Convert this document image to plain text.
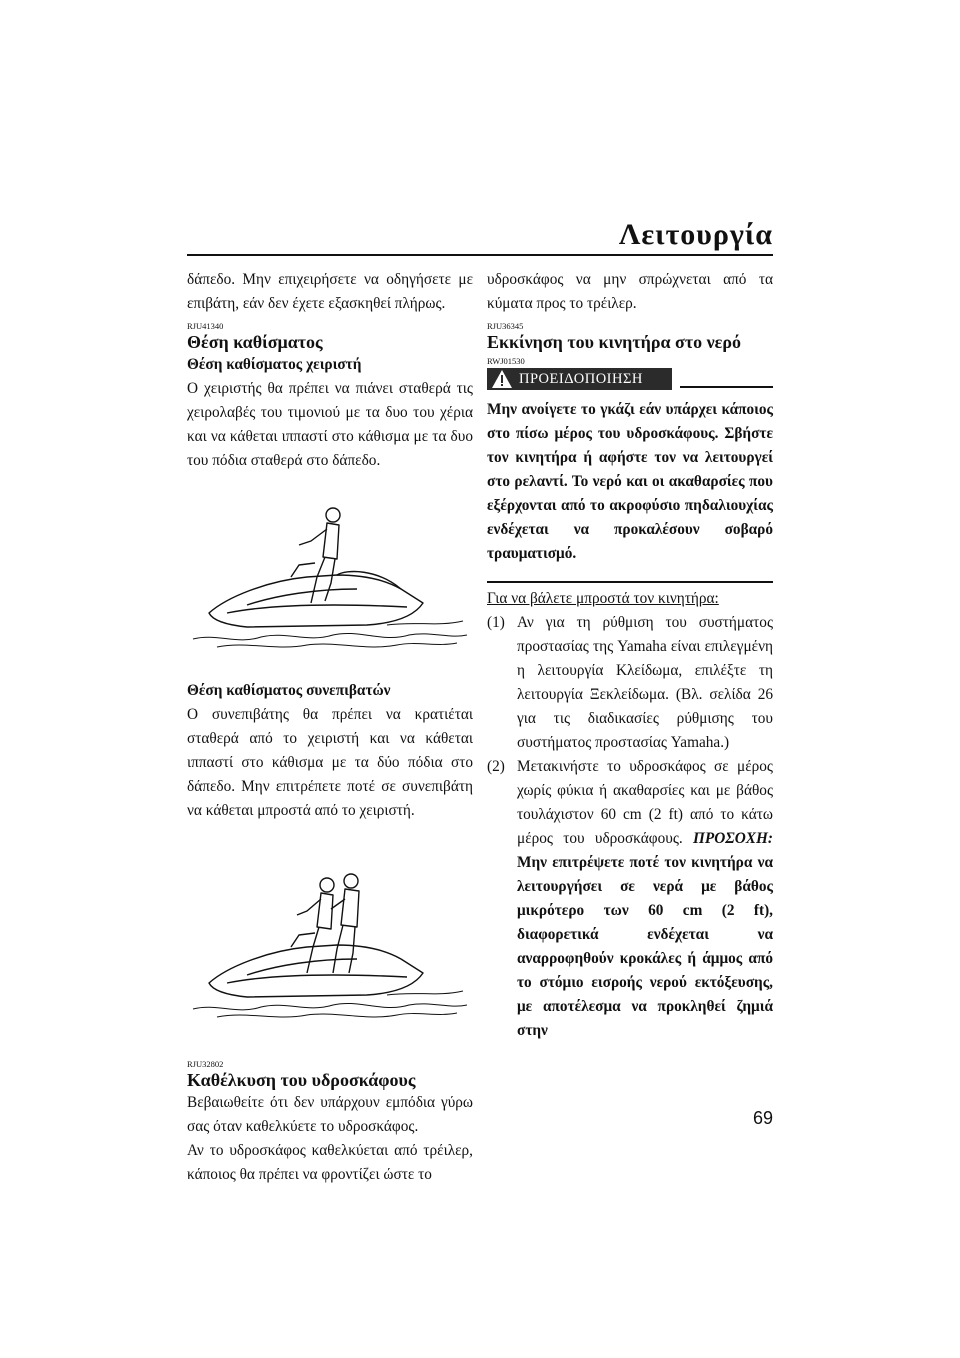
Λειτουργία

δάπεδο. Μην επιχειρήσετε να οδηγήσετε με επιβάτη, εάν δεν έχετε εξασκηθεί πλήρως.

RJU41340
Θέση καθίσματος
Θέση καθίσματος χειριστή

Ο χειριστής θα πρέπει να πιάνει σταθερά τις χειρολαβές του τιμονιού με τα δυο του χέρια και να κάθεται ιππαστί στο κάθισμα με τα δυο του πόδια σταθερά στο δάπεδο.

Θέση καθίσματος συνεπιβατών

Ο συνεπιβάτης θα πρέπει να κρατιέται σταθερά από το χειριστή και να κάθεται ιππαστί στο κάθισμα με τα δύο πόδια στο δάπεδο. Μην επιτρέπετε ποτέ σε συνεπιβάτη να κάθεται μπροστά από το χειριστή.

RJU32802
Καθέλκυση του υδροσκάφους

Βεβαιωθείτε ότι δεν υπάρχουν εμπόδια γύρω σας όταν καθελκύετε το υδροσκάφος.

Αν το υδροσκάφος καθελκύεται από τρέιλερ, κάποιος θα πρέπει να φροντίζει ώστε το

υδροσκάφος να μην σπρώχνεται από τα κύματα προς το τρέιλερ.

RJU36345
Εκκίνηση του κινητήρα στο νερό
RWJ01530
ΠΡΟΕΙΔΟΠΟΙΗΣΗ

Μην ανοίγετε το γκάζι εάν υπάρχει κάποιος στο πίσω μέρος του υδροσκάφους. Σβήστε τον κινητήρα ή αφήστε τον να λειτουργεί στο ρελαντί. Το νερό και οι ακαθαρσίες που εξέρχονται από το ακροφύσιο πηδαλιουχίας ενδέχεται να προκαλέσουν σοβαρό τραυματισμό.

Για να βάλετε μπροστά τον κινητήρα:
(1) Αν για τη ρύθμιση του συστήματος προστασίας της Yamaha είναι επιλεγμένη η λειτουργία Κλείδωμα, επιλέξτε τη λειτουργία Ξεκλείδωμα. (Βλ. σελίδα 26 για τις διαδικασίες ρύθμισης του συστήματος προστασίας Yamaha.)
(2) Μετακινήστε το υδροσκάφος σε μέρος χωρίς φύκια ή ακαθαρσίες και με βάθος τουλάχιστον 60 cm (2 ft) από το κάτω μέρος του υδροσκάφους. ΠΡΟΣΟΧΗ: Μην επιτρέψετε ποτέ τον κινητήρα να λειτουργήσει σε νερά με βάθος μικρότερο των 60 cm (2 ft), διαφορετικά ενδέχεται να αναρροφηθούν κροκάλες ή άμμος από το στόμιο εισροής νερού εκτόξευσης, με αποτέλεσμα να προκληθεί ζημιά στην
69
